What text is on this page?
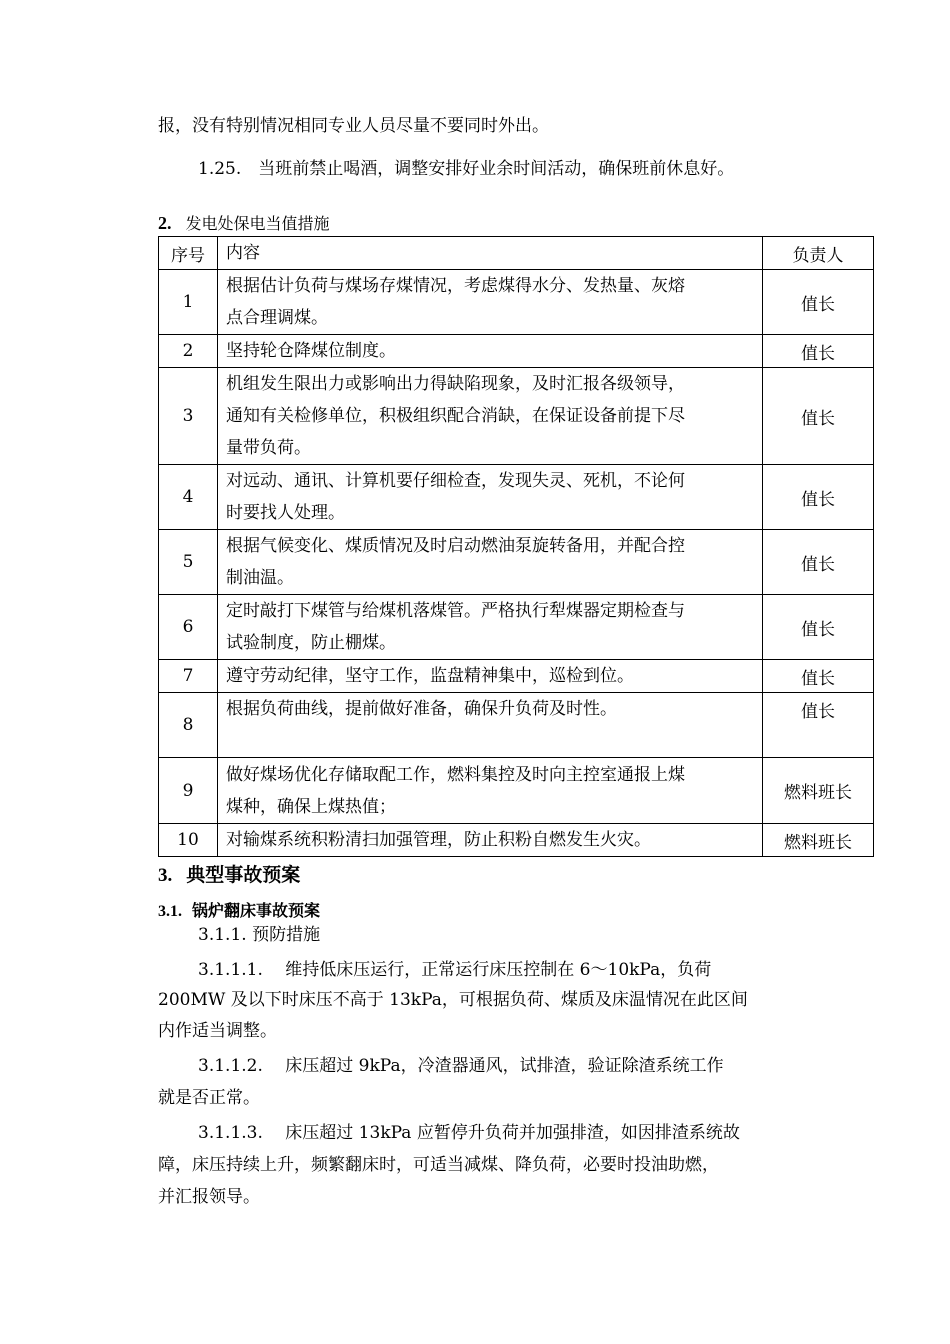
报，没有特别情况相同专业人员尽量不要同时外出。
1.25.　当班前禁止喝酒，调整安排好业余时间活动，确保班前休息好。
2. 发电处保电当值措施
序号	内容	负责人
1	根据估计负荷与煤场存煤情况，考虑煤得水分、发热量、灰熔
点合理调煤。	值长
2	坚持轮仓降煤位制度。	值长
3	机组发生限出力或影响出力得缺陷现象，及时汇报各级领导，
通知有关检修单位，积极组织配合消缺，在保证设备前提下尽
量带负荷。	值长
4	对远动、通讯、计算机要仔细检查，发现失灵、死机，不论何
时要找人处理。	值长
5	根据气候变化、煤质情况及时启动燃油泵旋转备用，并配合控
制油温。	值长
6	定时敲打下煤管与给煤机落煤管。严格执行犁煤器定期检查与
试验制度，防止棚煤。	值长
7	遵守劳动纪律，坚守工作，监盘精神集中，巡检到位。	值长
8	根据负荷曲线，提前做好准备，确保升负荷及时性。	值长
9	做好煤场优化存储取配工作，燃料集控及时向主控室通报上煤
煤种，确保上煤热值；	燃料班长
10	对输煤系统积粉清扫加强管理，防止积粉自燃发生火灾。	燃料班长
3. 典型事故预案
3.1. 锅炉翻床事故预案
3.1.1. 预防措施
3.1.1.1.　 维持低床压运行，正常运行床压控制在 6～10kPa，负荷
200MW 及以下时床压不高于 13kPa，可根据负荷、煤质及床温情况在此区间
内作适当调整。
3.1.1.2.　 床压超过 9kPa，冷渣器通风，试排渣，验证除渣系统工作
就是否正常。
3.1.1.3.　 床压超过 13kPa 应暂停升负荷并加强排渣，如因排渣系统故
障，床压持续上升，频繁翻床时，可适当减煤、降负荷，必要时投油助燃，
并汇报领导。
